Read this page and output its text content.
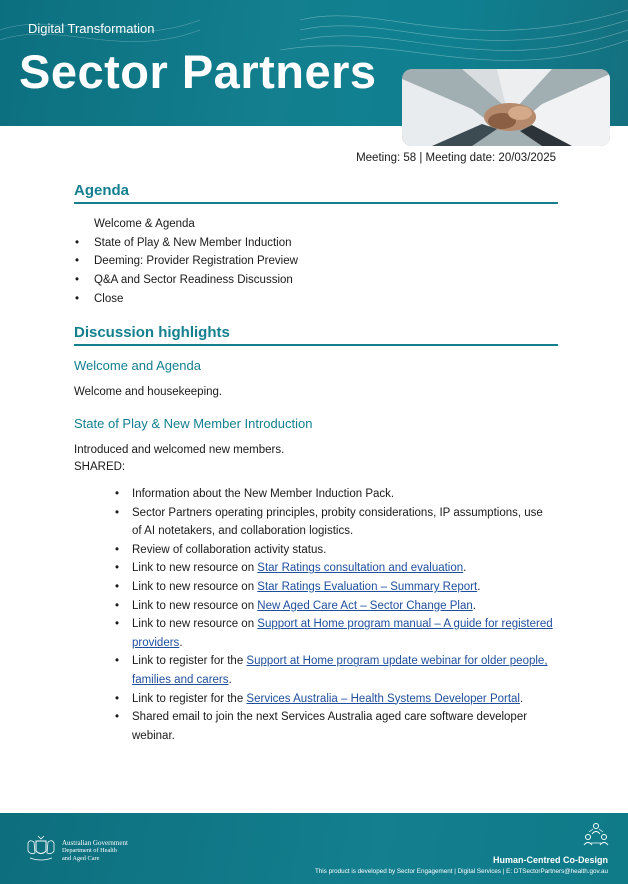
Digital Transformation
Sector Partners
Meeting: 58 | Meeting date: 20/03/2025
Agenda
Welcome & Agenda
• State of Play & New Member Induction
• Deeming: Provider Registration Preview
• Q&A and Sector Readiness Discussion
• Close
Discussion highlights
Welcome and Agenda
Welcome and housekeeping.
State of Play & New Member Introduction
Introduced and welcomed new members.
SHARED:
• Information about the New Member Induction Pack.
• Sector Partners operating principles, probity considerations, IP assumptions, use of AI notetakers, and collaboration logistics.
• Review of collaboration activity status.
• Link to new resource on Star Ratings consultation and evaluation.
• Link to new resource on Star Ratings Evaluation – Summary Report.
• Link to new resource on New Aged Care Act – Sector Change Plan.
• Link to new resource on Support at Home program manual – A guide for registered providers.
• Link to register for the Support at Home program update webinar for older people, families and carers.
• Link to register for the Services Australia – Health Systems Developer Portal.
• Shared email to join the next Services Australia aged care software developer webinar.
Australian Government
Department of Health
and Aged Care	Human-Centred Co-Design
This product is developed by Sector Engagement | Digital Services | E: DTSectorPartners@health.gov.au
